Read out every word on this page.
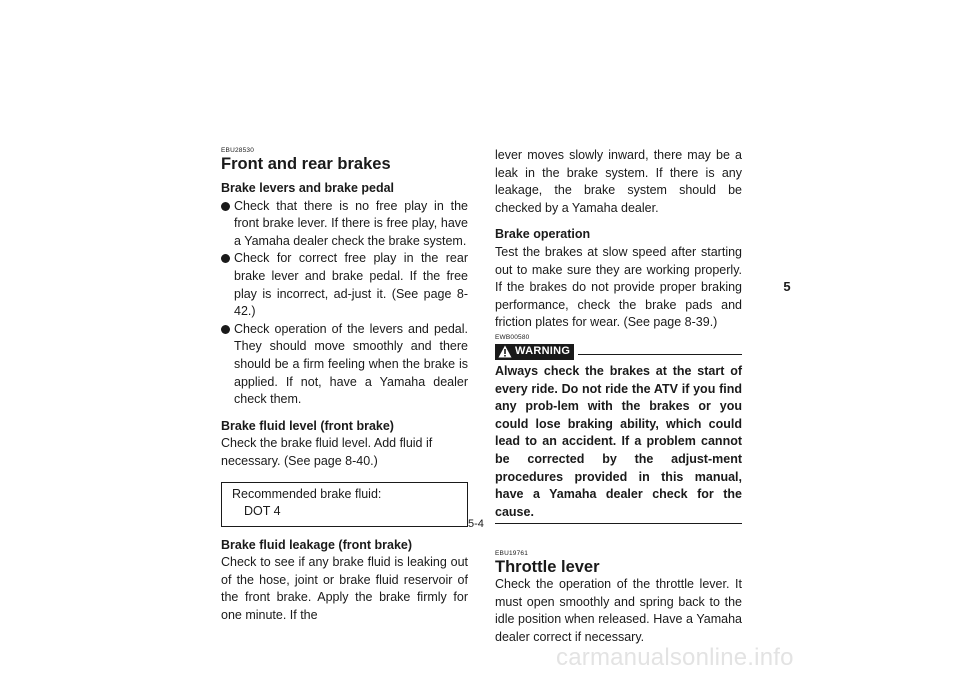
EBU28530
Front and rear brakes

Brake levers and brake pedal

Check that there is no free play in the front brake lever. If there is free play, have a Yamaha dealer check the brake system.
Check for correct free play in the rear brake lever and brake pedal. If the free play is incorrect, ad-just it. (See page 8-42.)
Check operation of the levers and pedal. They should move smoothly and there should be a firm feeling when the brake is applied. If not, have a Yamaha dealer check them.

Brake fluid level (front brake)

Check the brake fluid level. Add fluid if necessary. (See page 8-40.)

Recommended brake fluid:
DOT 4

Brake fluid leakage (front brake)

Check to see if any brake fluid is leaking out of the hose, joint or brake fluid reservoir of the front brake. Apply the brake firmly for one minute. If the

lever moves slowly inward, there may be a leak in the brake system. If there is any leakage, the brake system should be checked by a Yamaha dealer.

Brake operation

Test the brakes at slow speed after starting out to make sure they are working properly. If the brakes do not provide proper braking performance, check the brake pads and friction plates for wear. (See page 8-39.)

EWB00580
WARNING

Always check the brakes at the start of every ride. Do not ride the ATV if you find any prob-lem with the brakes or you could lose braking ability, which could lead to an accident. If a problem cannot be corrected by the adjust-ment procedures provided in this manual, have a Yamaha dealer check for the cause.

EBU19761
Throttle lever

Check the operation of the throttle lever. It must open smoothly and spring back to the idle position when released. Have a Yamaha dealer correct if necessary.

5-4
5
carmanualsonline.info
